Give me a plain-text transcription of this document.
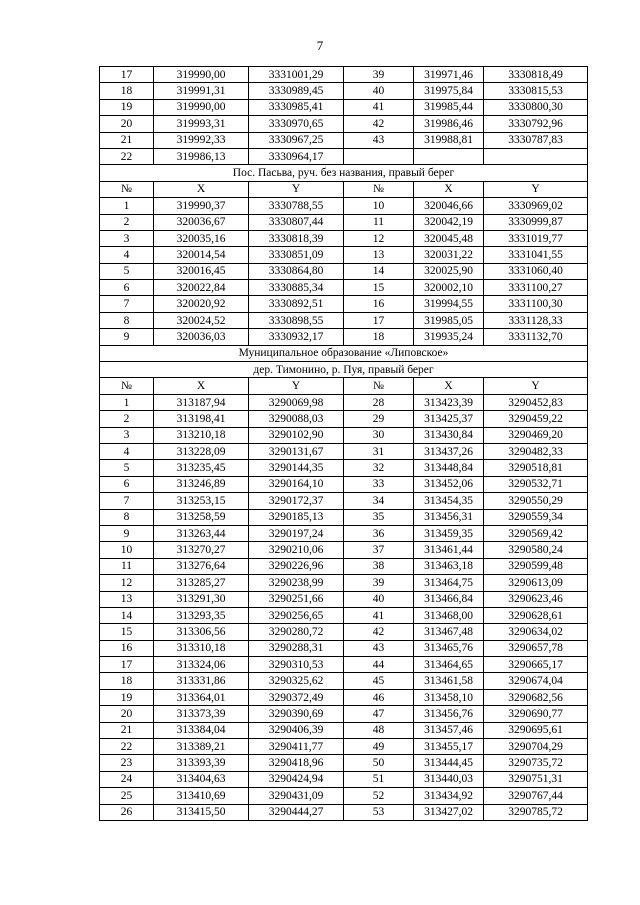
7
17	319990,00	3331001,29	39	319971,46	3330818,49
18	319991,31	3330989,45	40	319975,84	3330815,53
19	319990,00	3330985,41	41	319985,44	3330800,30
20	319993,31	3330970,65	42	319986,46	3330792,96
21	319992,33	3330967,25	43	319988,81	3330787,83
22	319986,13	3330964,17			
Пос. Пасьва, руч. без названия, правый берег					
№	X	Y	№	X	Y
1	319990,37	3330788,55	10	320046,66	3330969,02
2	320036,67	3330807,44	11	320042,19	3330999,87
3	320035,16	3330818,39	12	320045,48	3331019,77
4	320014,54	3330851,09	13	320031,22	3331041,55
5	320016,45	3330864,80	14	320025,90	3331060,40
6	320022,84	3330885,34	15	320002,10	3331100,27
7	320020,92	3330892,51	16	319994,55	3331100,30
8	320024,52	3330898,55	17	319985,05	3331128,33
9	320036,03	3330932,17	18	319935,24	3331132,70
Муниципальное образование «Липовское»					
дер. Тимонино, р. Пуя, правый берег					
№	X	Y	№	X	Y
1	313187,94	3290069,98	28	313423,39	3290452,83
2	313198,41	3290088,03	29	313425,37	3290459,22
3	313210,18	3290102,90	30	313430,84	3290469,20
4	313228,09	3290131,67	31	313437,26	3290482,33
5	313235,45	3290144,35	32	313448,84	3290518,81
6	313246,89	3290164,10	33	313452,06	3290532,71
7	313253,15	3290172,37	34	313454,35	3290550,29
8	313258,59	3290185,13	35	313456,31	3290559,34
9	313263,44	3290197,24	36	313459,35	3290569,42
10	313270,27	3290210,06	37	313461,44	3290580,24
11	313276,64	3290226,96	38	313463,18	3290599,48
12	313285,27	3290238,99	39	313464,75	3290613,09
13	313291,30	3290251,66	40	313466,84	3290623,46
14	313293,35	3290256,65	41	313468,00	3290628,61
15	313306,56	3290280,72	42	313467,48	3290634,02
16	313310,18	3290288,31	43	313465,76	3290657,78
17	313324,06	3290310,53	44	313464,65	3290665,17
18	313331,86	3290325,62	45	313461,58	3290674,04
19	313364,01	3290372,49	46	313458,10	3290682,56
20	313373,39	3290390,69	47	313456,76	3290690,77
21	313384,04	3290406,39	48	313457,46	3290695,61
22	313389,21	3290411,77	49	313455,17	3290704,29
23	313393,39	3290418,96	50	313444,45	3290735,72
24	313404,63	3290424,94	51	313440,03	3290751,31
25	313410,69	3290431,09	52	313434,92	3290767,44
26	313415,50	3290444,27	53	313427,02	3290785,72
